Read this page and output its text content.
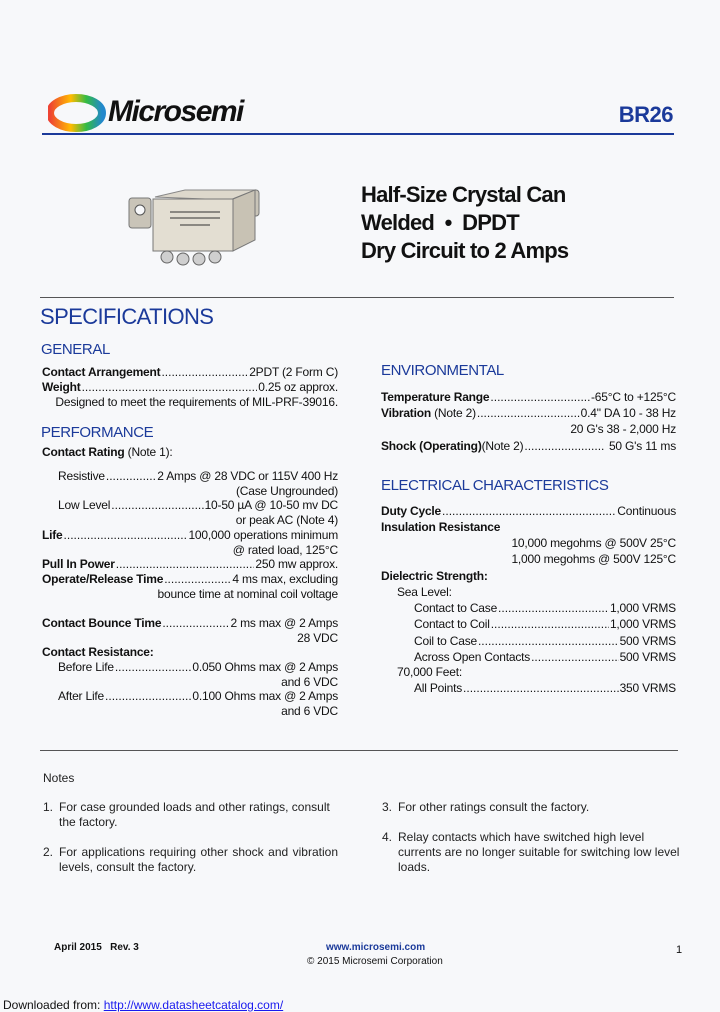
Microsemi	BR26
Half-Size Crystal Can
Welded  •  DPDT
Dry Circuit to 2 Amps
SPECIFICATIONS
GENERAL
PERFORMANCE
ENVIRONMENTAL
ELECTRICAL CHARACTERISTICS
Contact Arrangement .....	2PDT (2 Form C)
Weight .....	0.25 oz approx.
Designed to meet the requirements of MIL-PRF-39016.
Contact Rating (Note 1):
Resistive .....	2 Amps @ 28 VDC or 115V 400 Hz
(Case Ungrounded)
Low Level .....	10-50 µA @ 10-50 mv DC
or peak AC (Note 4)
Life .....	100,000 operations minimum
@ rated load, 125°C
Pull In Power .....	250 mw approx.
Operate/Release Time .....	4 ms max, excluding
bounce time at nominal coil voltage
Contact Bounce Time .....	2 ms max @ 2 Amps
28 VDC
Contact Resistance:
Before Life .....	0.050 Ohms max @ 2 Amps
and 6 VDC
After Life .....	0.100 Ohms max @ 2 Amps
and 6 VDC
Temperature Range .....	-65°C to +125°C
Vibration (Note 2) .....	0.4" DA 10 - 38 Hz
20 G's 38 - 2,000 Hz
Shock (Operating) (Note 2) .....	50 G's 11 ms
Duty Cycle .....	Continuous
Insulation Resistance
10,000 megohms @ 500V 25°C
1,000 megohms @ 500V 125°C
Dielectric Strength:
Sea Level:
Contact to Case .....	1,000 VRMS
Contact to Coil .....	1,000 VRMS
Coil to Case .....	500 VRMS
Across Open Contacts .....	500 VRMS
70,000 Feet:
All Points .....	350 VRMS
Notes
1. For case grounded loads and other ratings, consult the factory.
2. For applications requiring other shock and vibration levels, consult the factory.
3. For other ratings consult the factory.
4. Relay contacts which have switched high level currents are no longer suitable for switching low level loads.
April 2015   Rev. 3	www.microsemi.com
© 2015 Microsemi Corporation
1
Downloaded from: http://www.datasheetcatalog.com/
